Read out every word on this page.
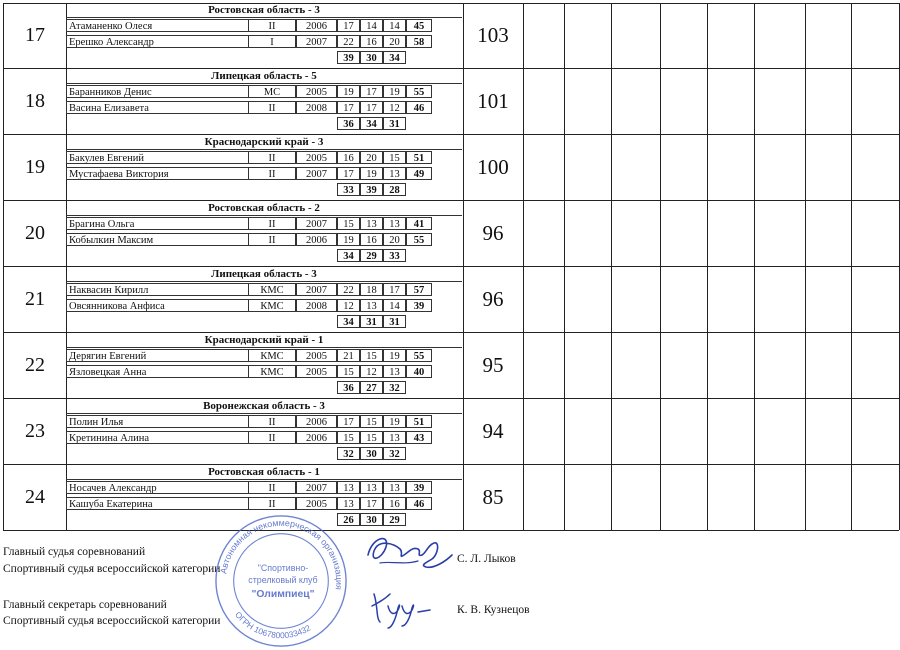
17
Ростовская область - 3
Атаманенко Олеся	II	2006	17	14	14	45
Ерешко Александр	I	2007	22	16	20	58
39	30	34
103
18
Липецкая область - 5
Баранников Денис	МС	2005	19	17	19	55
Васина Елизавета	II	2008	17	17	12	46
36	34	31
101
19
Краснодарский край - 3
Бакулев Евгений	II	2005	16	20	15	51
Мустафаева Виктория	II	2007	17	19	13	49
33	39	28
100
20
Ростовская область - 2
Брагина Ольга	II	2007	15	13	13	41
Кобылкин Максим	II	2006	19	16	20	55
34	29	33
96
21
Липецкая область - 3
Наквасин Кирилл	КМС	2007	22	18	17	57
Овсянникова Анфиса	КМС	2008	12	13	14	39
34	31	31
96
22
Краснодарский край - 1
Дерягин Евгений	КМС	2005	21	15	19	55
Язловецкая Анна	КМС	2005	15	12	13	40
36	27	32
95
23
Воронежская область - 3
Полин Илья	II	2006	17	15	19	51
Кретинина Алина	II	2006	15	15	13	43
32	30	32
94
24
Ростовская область - 1
Носачев Александр	II	2007	13	13	13	39
Кашуба Екатерина	II	2005	13	17	16	46
26	30	29
85
Главный судья соревнований
Спортивный судья всероссийской категории
С. Л. Лыков
Главный секретарь соревнований
Спортивный судья всероссийской категории
К. В. Кузнецов
Автономная некоммерческая организация
ОГРН 1067800033432
"Спортивно-
стрелковый клуб
"Олимпиец"
